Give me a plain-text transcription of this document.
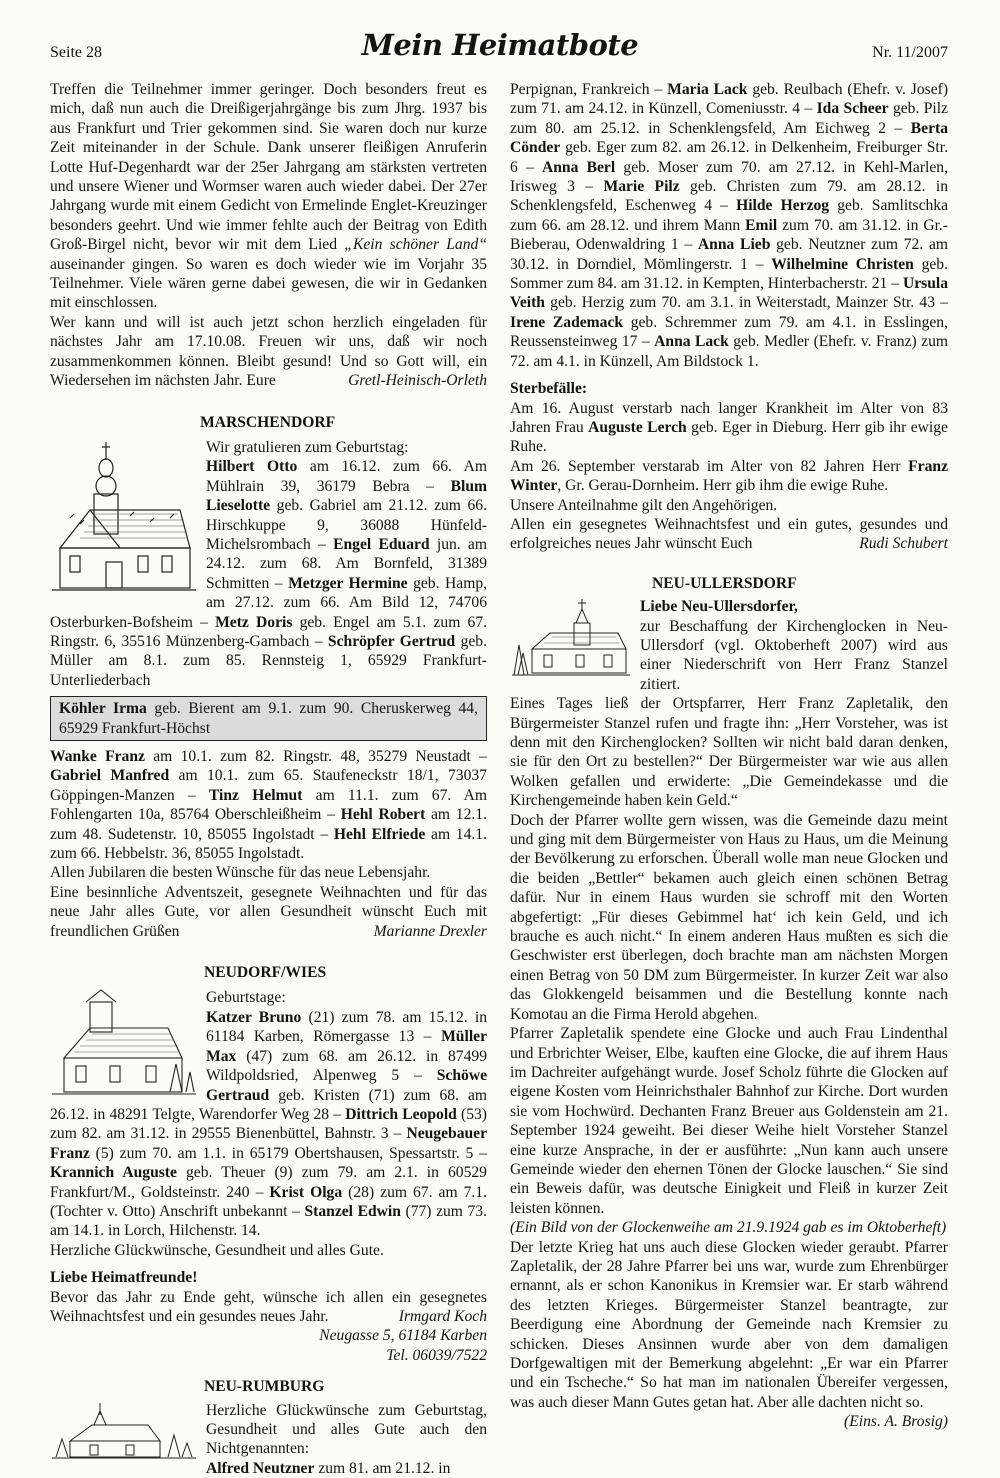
Seite 28	Mein Heimatbote	Nr. 11/2007

Treffen die Teilnehmer immer geringer. Doch besonders freut es mich, daß nun auch die Dreißigerjahrgänge bis zum Jhrg. 1937 bis aus Frankfurt und Trier gekommen sind. Sie waren doch nur kurze Zeit miteinander in der Schule. Dank unserer fleißigen Anruferin Lotte Huf-Degenhardt war der 25er Jahrgang am stärksten vertreten und unsere Wiener und Wormser waren auch wieder dabei. Der 27er Jahrgang wurde mit einem Gedicht von Ermelinde Englet-Kreuzinger besonders geehrt. Und wie immer fehlte auch der Beitrag von Edith Groß-Birgel nicht, bevor wir mit dem Lied „Kein schöner Land“ auseinander gingen. So waren es doch wieder wie im Vorjahr 35 Teilnehmer. Viele wären gerne dabei gewesen, die wir in Gedanken mit einschlossen.

Wer kann und will ist auch jetzt schon herzlich eingeladen für nächstes Jahr am 17.10.08. Freuen wir uns, daß wir noch zusammenkommen können. Bleibt gesund! Und so Gott will, ein Wiedersehen im nächsten Jahr. Eure	Gretl-Heinisch-Orleth

MARSCHENDORF

Wir gratulieren zum Geburtstag:

Hilbert Otto am 16.12. zum 66. Am Mühlrain 39, 36179 Bebra – Blum Lieselotte geb. Gabriel am 21.12. zum 66. Hirschkuppe 9, 36088 Hünfeld-Michelsrombach – Engel Eduard jun. am 24.12. zum 68. Am Bornfeld, 31389 Schmitten – Metzger Hermine geb. Hamp, am 27.12. zum 66. Am Bild 12, 74706 Osterburken-Bofsheim – Metz Doris geb. Engel am 5.1. zum 67. Ringstr. 6, 35516 Münzenberg-Gambach – Schröpfer Gertrud geb. Müller am 8.1. zum 85. Rennsteig 1, 65929 Frankfurt-Unterliederbach

Köhler Irma geb. Bierent am 9.1. zum 90. Cheruskerweg 44, 65929 Frankfurt-Höchst

Wanke Franz am 10.1. zum 82. Ringstr. 48, 35279 Neustadt – Gabriel Manfred am 10.1. zum 65. Staufeneckstr 18/1, 73037 Göppingen-Manzen – Tinz Helmut am 11.1. zum 67. Am Fohlengarten 10a, 85764 Oberschleißheim – Hehl Robert am 12.1. zum 48. Sudetenstr. 10, 85055 Ingolstadt – Hehl Elfriede am 14.1. zum 66. Hebbelstr. 36, 85055 Ingolstadt.

Allen Jubilaren die besten Wünsche für das neue Lebensjahr.

Eine besinnliche Adventszeit, gesegnete Weihnachten und für das neue Jahr alles Gute, vor allen Gesundheit wünscht Euch mit freundlichen Grüßen	Marianne Drexler

NEUDORF/WIES

Geburtstage:

Katzer Bruno (21) zum 78. am 15.12. in 61184 Karben, Römergasse 13 – Müller Max (47) zum 68. am 26.12. in 87499 Wildpoldsried, Alpenweg 5 – Schöwe Gertraud geb. Kristen (71) zum 68. am 26.12. in 48291 Telgte, Warendorfer Weg 28 – Dittrich Leopold (53) zum 82. am 31.12. in 29555 Bienenbüttel, Bahnstr. 3 – Neugebauer Franz (5) zum 70. am 1.1. in 65179 Obertshausen, Spessartstr. 5 – Krannich Auguste geb. Theuer (9) zum 79. am 2.1. in 60529 Frankfurt/M., Goldsteinstr. 240 – Krist Olga (28) zum 67. am 7.1. (Tochter v. Otto) Anschrift unbekannt – Stanzel Edwin (77) zum 73. am 14.1. in Lorch, Hilchenstr. 14.

Herzliche Glückwünsche, Gesundheit und alles Gute.

Liebe Heimatfreunde!

Bevor das Jahr zu Ende geht, wünsche ich allen ein gesegnetes Weihnachtsfest und ein gesundes neues Jahr.	Irmgard Koch

Neugasse 5, 61184 Karben

Tel. 06039/7522

NEU-RUMBURG

Herzliche Glückwünsche zum Geburtstag, Gesundheit und alles Gute auch den Nichtgenannten:

Alfred Neutzner zum 81. am 21.12. in

Perpignan, Frankreich – Maria Lack geb. Reulbach (Ehefr. v. Josef) zum 71. am 24.12. in Künzell, Comeniusstr. 4 – Ida Scheer geb. Pilz zum 80. am 25.12. in Schenklengsfeld, Am Eichweg 2 – Berta Cönder geb. Eger zum 82. am 26.12. in Delkenheim, Freiburger Str. 6 – Anna Berl geb. Moser zum 70. am 27.12. in Kehl-Marlen, Irisweg 3 – Marie Pilz geb. Christen zum 79. am 28.12. in Schenklengsfeld, Eschenweg 4 – Hilde Herzog geb. Samlitschka zum 66. am 28.12. und ihrem Mann Emil zum 70. am 31.12. in Gr.-Bieberau, Odenwaldring 1 – Anna Lieb geb. Neutzner zum 72. am 30.12. in Dorndiel, Mömlingerstr. 1 – Wilhelmine Christen geb. Sommer zum 84. am 31.12. in Kempten, Hinterbacherstr. 21 – Ursula Veith geb. Herzig zum 70. am 3.1. in Weiterstadt, Mainzer Str. 43 – Irene Zademack geb. Schremmer zum 79. am 4.1. in Esslingen, Reussensteinweg 17 – Anna Lack geb. Medler (Ehefr. v. Franz) zum 72. am 4.1. in Künzell, Am Bildstock 1.

Sterbefälle:

Am 16. August verstarb nach langer Krankheit im Alter von 83 Jahren Frau Auguste Lerch geb. Eger in Dieburg. Herr gib ihr ewige Ruhe.

Am 26. September verstarab im Alter von 82 Jahren Herr Franz Winter, Gr. Gerau-Dornheim. Herr gib ihm die ewige Ruhe.

Unsere Anteilnahme gilt den Angehörigen.

Allen ein gesegnetes Weihnachtsfest und ein gutes, gesundes und erfolgreiches neues Jahr wünscht Euch	Rudi Schubert

NEU-ULLERSDORF

Liebe Neu-Ullersdorfer,

zur Beschaffung der Kirchenglocken in Neu-Ullersdorf (vgl. Oktoberheft 2007) wird aus einer Niederschrift von Herr Franz Stanzel zitiert.

Eines Tages ließ der Ortspfarrer, Herr Franz Zapletalik, den Bürgermeister Stanzel rufen und fragte ihn: „Herr Vorsteher, was ist denn mit den Kirchenglocken? Sollten wir nicht bald daran denken, sie für den Ort zu bestellen?“ Der Bürgermeister war wie aus allen Wolken gefallen und erwiderte: „Die Gemeindekasse und die Kirchengemeinde haben kein Geld.“

Doch der Pfarrer wollte gern wissen, was die Gemeinde dazu meint und ging mit dem Bürgermeister von Haus zu Haus, um die Meinung der Bevölkerung zu erforschen. Überall wolle man neue Glocken und die beiden „Bettler“ bekamen auch gleich einen schönen Betrag dafür. Nur in einem Haus wurden sie schroff mit den Worten abgefertigt: „Für dieses Gebimmel hat‘ ich kein Geld, und ich brauche es auch nicht.“ In einem anderen Haus mußten es sich die Geschwister erst überlegen, doch brachte man am nächsten Morgen einen Betrag von 50 DM zum Bürgermeister. In kurzer Zeit war also das Glokkengeld beisammen und die Bestellung konnte nach Komotau an die Firma Herold abgehen.

Pfarrer Zapletalik spendete eine Glocke und auch Frau Lindenthal und Erbrichter Weiser, Elbe, kauften eine Glocke, die auf ihrem Haus im Dachreiter aufgehängt wurde. Josef Scholz führte die Glocken auf eigene Kosten vom Heinrichsthaler Bahnhof zur Kirche. Dort wurden sie vom Hochwürd. Dechanten Franz Breuer aus Goldenstein am 21. September 1924 geweiht. Bei dieser Weihe hielt Vorsteher Stanzel eine kurze Ansprache, in der er ausführte: „Nun kann auch unsere Gemeinde wieder den ehernen Tönen der Glocke lauschen.“ Sie sind ein Beweis dafür, was deutsche Einigkeit und Fleiß in kurzer Zeit leisten können.

(Ein Bild von der Glockenweihe am 21.9.1924 gab es im Oktoberheft)

Der letzte Krieg hat uns auch diese Glocken wieder geraubt. Pfarrer Zapletalik, der 28 Jahre Pfarrer bei uns war, wurde zum Ehrenbürger ernannt, als er schon Kanonikus in Kremsier war. Er starb während des letzten Krieges. Bürgermeister Stanzel beantragte, zur Beerdigung eine Abordnung der Gemeinde nach Kremsier zu schicken. Dieses Ansinnen wurde aber von dem damaligen Dorfgewaltigen mit der Bemerkung abgelehnt: „Er war ein Pfarrer und ein Tscheche.“ So hat man im nationalen Übereifer vergessen, was auch dieser Mann Gutes getan hat. Aber alle dachten nicht so.
(Eins. A. Brosig)
